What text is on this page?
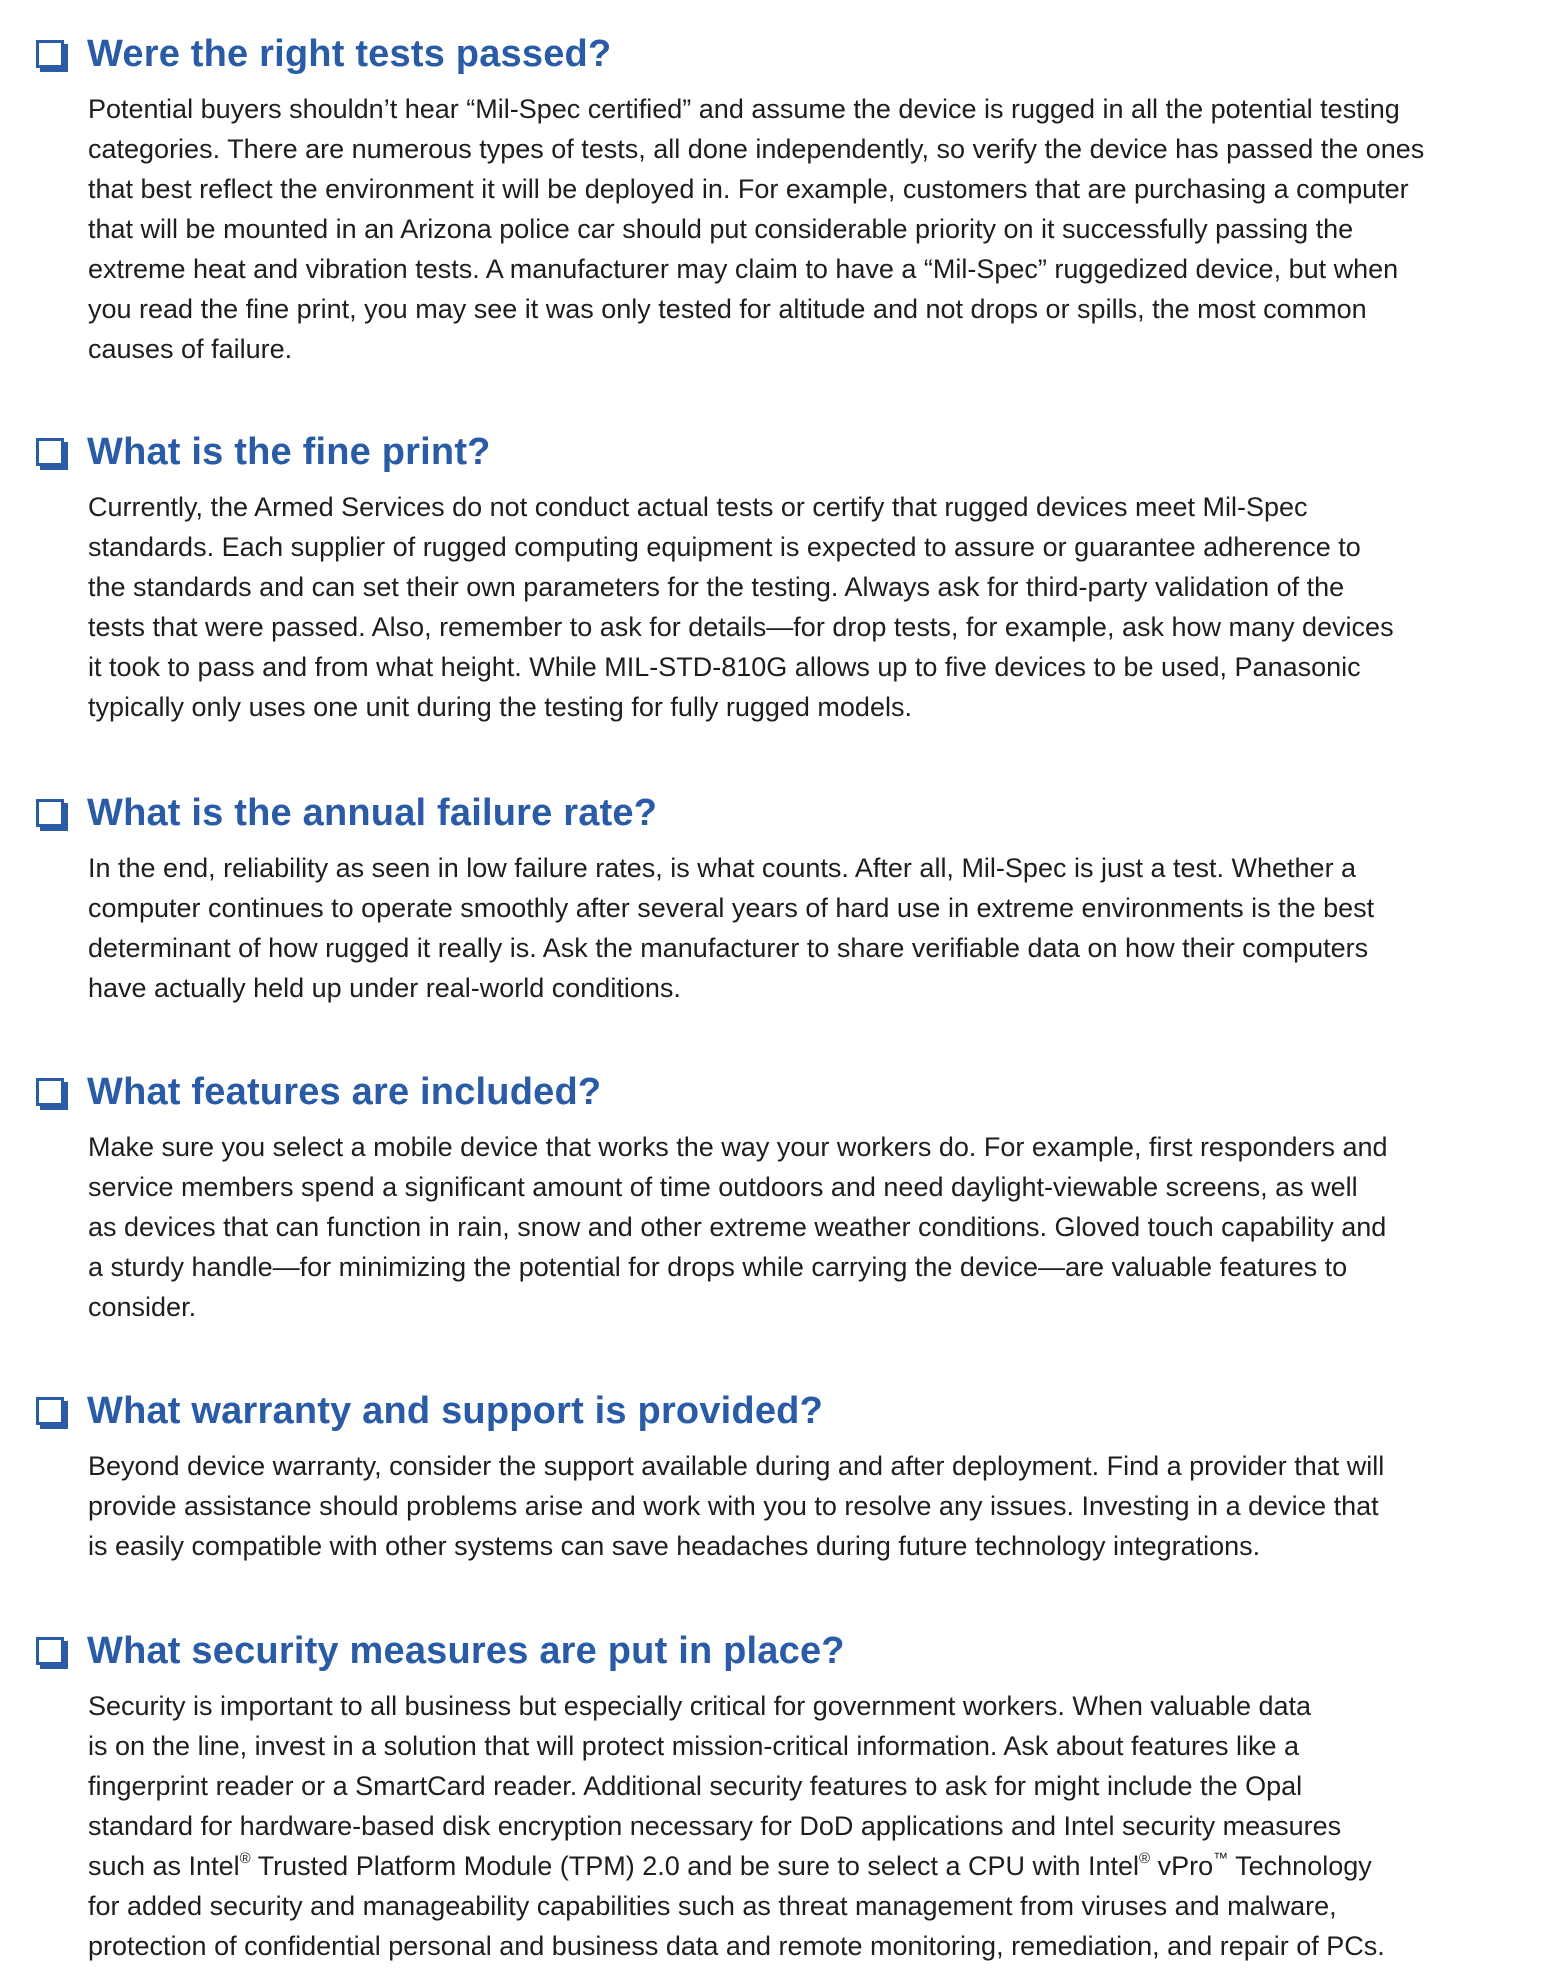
Were the right tests passed?
Potential buyers shouldn’t hear “Mil-Spec certified” and assume the device is rugged in all the potential testing
categories. There are numerous types of tests, all done independently, so verify the device has passed the ones
that best reflect the environment it will be deployed in. For example, customers that are purchasing a computer
that will be mounted in an Arizona police car should put considerable priority on it successfully passing the
extreme heat and vibration tests. A manufacturer may claim to have a “Mil-Spec” ruggedized device, but when
you read the fine print, you may see it was only tested for altitude and not drops or spills, the most common
causes of failure.
What is the fine print?
Currently, the Armed Services do not conduct actual tests or certify that rugged devices meet Mil-Spec
standards. Each supplier of rugged computing equipment is expected to assure or guarantee adherence to
the standards and can set their own parameters for the testing. Always ask for third-party validation of the
tests that were passed. Also, remember to ask for details—for drop tests, for example, ask how many devices
it took to pass and from what height. While MIL-STD-810G allows up to five devices to be used, Panasonic
typically only uses one unit during the testing for fully rugged models.
What is the annual failure rate?
In the end, reliability as seen in low failure rates, is what counts. After all, Mil-Spec is just a test. Whether a
computer continues to operate smoothly after several years of hard use in extreme environments is the best
determinant of how rugged it really is. Ask the manufacturer to share verifiable data on how their computers
have actually held up under real-world conditions.
What features are included?
Make sure you select a mobile device that works the way your workers do. For example, first responders and
service members spend a significant amount of time outdoors and need daylight-viewable screens, as well
as devices that can function in rain, snow and other extreme weather conditions. Gloved touch capability and
a sturdy handle—for minimizing the potential for drops while carrying the device—are valuable features to
consider.
What warranty and support is provided?
Beyond device warranty, consider the support available during and after deployment. Find a provider that will
provide assistance should problems arise and work with you to resolve any issues. Investing in a device that
is easily compatible with other systems can save headaches during future technology integrations.
What security measures are put in place?
Security is important to all business but especially critical for government workers. When valuable data
is on the line, invest in a solution that will protect mission-critical information. Ask about features like a
fingerprint reader or a SmartCard reader. Additional security features to ask for might include the Opal
standard for hardware-based disk encryption necessary for DoD applications and Intel security measures
such as Intel® Trusted Platform Module (TPM) 2.0 and be sure to select a CPU with Intel® vPro™ Technology
for added security and manageability capabilities such as threat management from viruses and malware,
protection of confidential personal and business data and remote monitoring, remediation, and repair of PCs.
